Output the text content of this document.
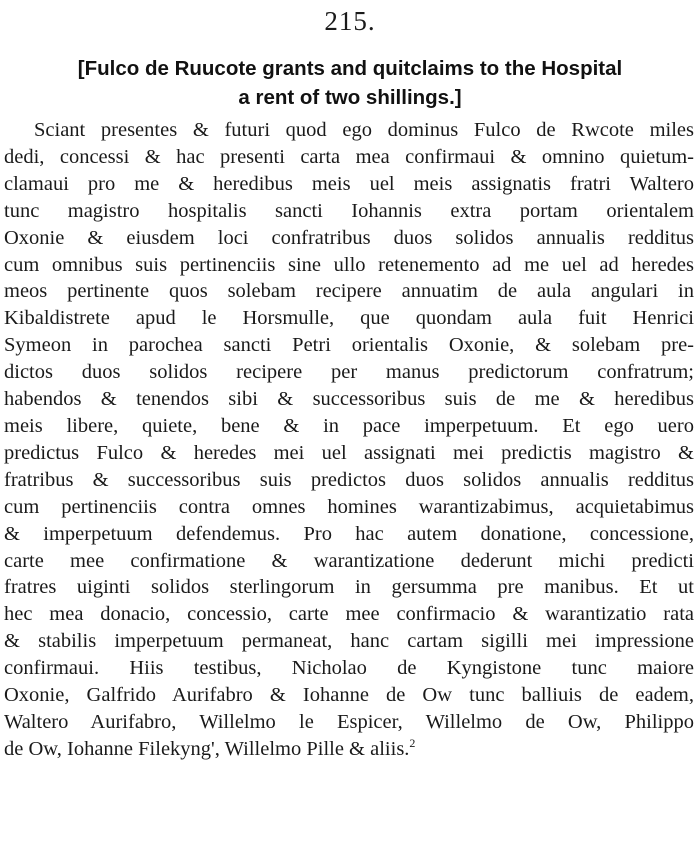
215.
[Fulco de Ruucote grants and quitclaims to the Hospital
a rent of two shillings.]
Sciant presentes & futuri quod ego dominus Fulco de Rwcote miles
dedi, concessi & hac presenti carta mea confirmaui & omnino quietum-
clamaui pro me & heredibus meis uel meis assignatis fratri Waltero
tunc magistro hospitalis sancti Iohannis extra portam orientalem
Oxonie & eiusdem loci confratribus duos solidos annualis redditus
cum omnibus suis pertinenciis sine ullo retenemento ad me uel ad heredes
meos pertinente quos solebam recipere annuatim de aula angulari in
Kibaldistrete apud le Horsmulle, que quondam aula fuit Henrici
Symeon in parochea sancti Petri orientalis Oxonie, & solebam pre-
dictos duos solidos recipere per manus predictorum confratrum;
habendos & tenendos sibi & successoribus suis de me & heredibus
meis libere, quiete, bene & in pace imperpetuum. Et ego uero
predictus Fulco & heredes mei uel assignati mei predictis magistro &
fratribus & successoribus suis predictos duos solidos annualis redditus
cum pertinenciis contra omnes homines warantizabimus, acquietabimus
& imperpetuum defendemus. Pro hac autem donatione, concessione,
carte mee confirmatione & warantizatione dederunt michi predicti
fratres uiginti solidos sterlingorum in gersumma pre manibus. Et ut
hec mea donacio, concessio, carte mee confirmacio & warantizatio rata
& stabilis imperpetuum permaneat, hanc cartam sigilli mei impressione
confirmaui. Hiis testibus, Nicholao de Kyngistone tunc maiore
Oxonie, Galfrido Aurifabro & Iohanne de Ow tunc balliuis de eadem,
Waltero Aurifabro, Willelmo le Espicer, Willelmo de Ow, Philippo
de Ow, Iohanne Filekyng', Willelmo Pille & aliis.$^2$
